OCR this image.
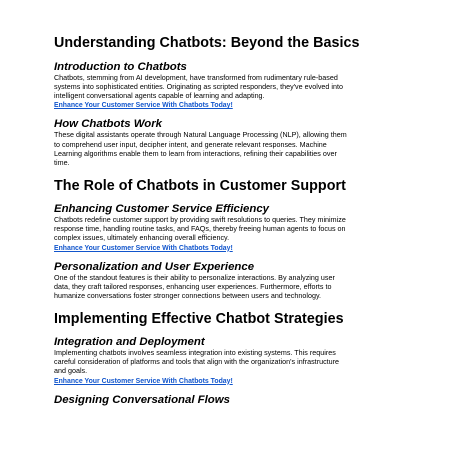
Understanding Chatbots: Beyond the Basics
Introduction to Chatbots

Chatbots, stemming from AI development, have transformed from rudimentary rule-based
systems into sophisticated entities. Originating as scripted responders, they've evolved into
intelligent conversational agents capable of learning and adapting.

Enhance Your Customer Service With Chatbots Today!
How Chatbots Work

These digital assistants operate through Natural Language Processing (NLP), allowing them
to comprehend user input, decipher intent, and generate relevant responses. Machine
Learning algorithms enable them to learn from interactions, refining their capabilities over
time.

The Role of Chatbots in Customer Support
Enhancing Customer Service Efficiency

Chatbots redefine customer support by providing swift resolutions to queries. They minimize
response time, handling routine tasks, and FAQs, thereby freeing human agents to focus on
complex issues, ultimately enhancing overall efficiency.

Enhance Your Customer Service With Chatbots Today!
Personalization and User Experience

One of the standout features is their ability to personalize interactions. By analyzing user
data, they craft tailored responses, enhancing user experiences. Furthermore, efforts to
humanize conversations foster stronger connections between users and technology.

Implementing Effective Chatbot Strategies
Integration and Deployment

Implementing chatbots involves seamless integration into existing systems. This requires
careful consideration of platforms and tools that align with the organization's infrastructure
and goals.

Enhance Your Customer Service With Chatbots Today!
Designing Conversational Flows
